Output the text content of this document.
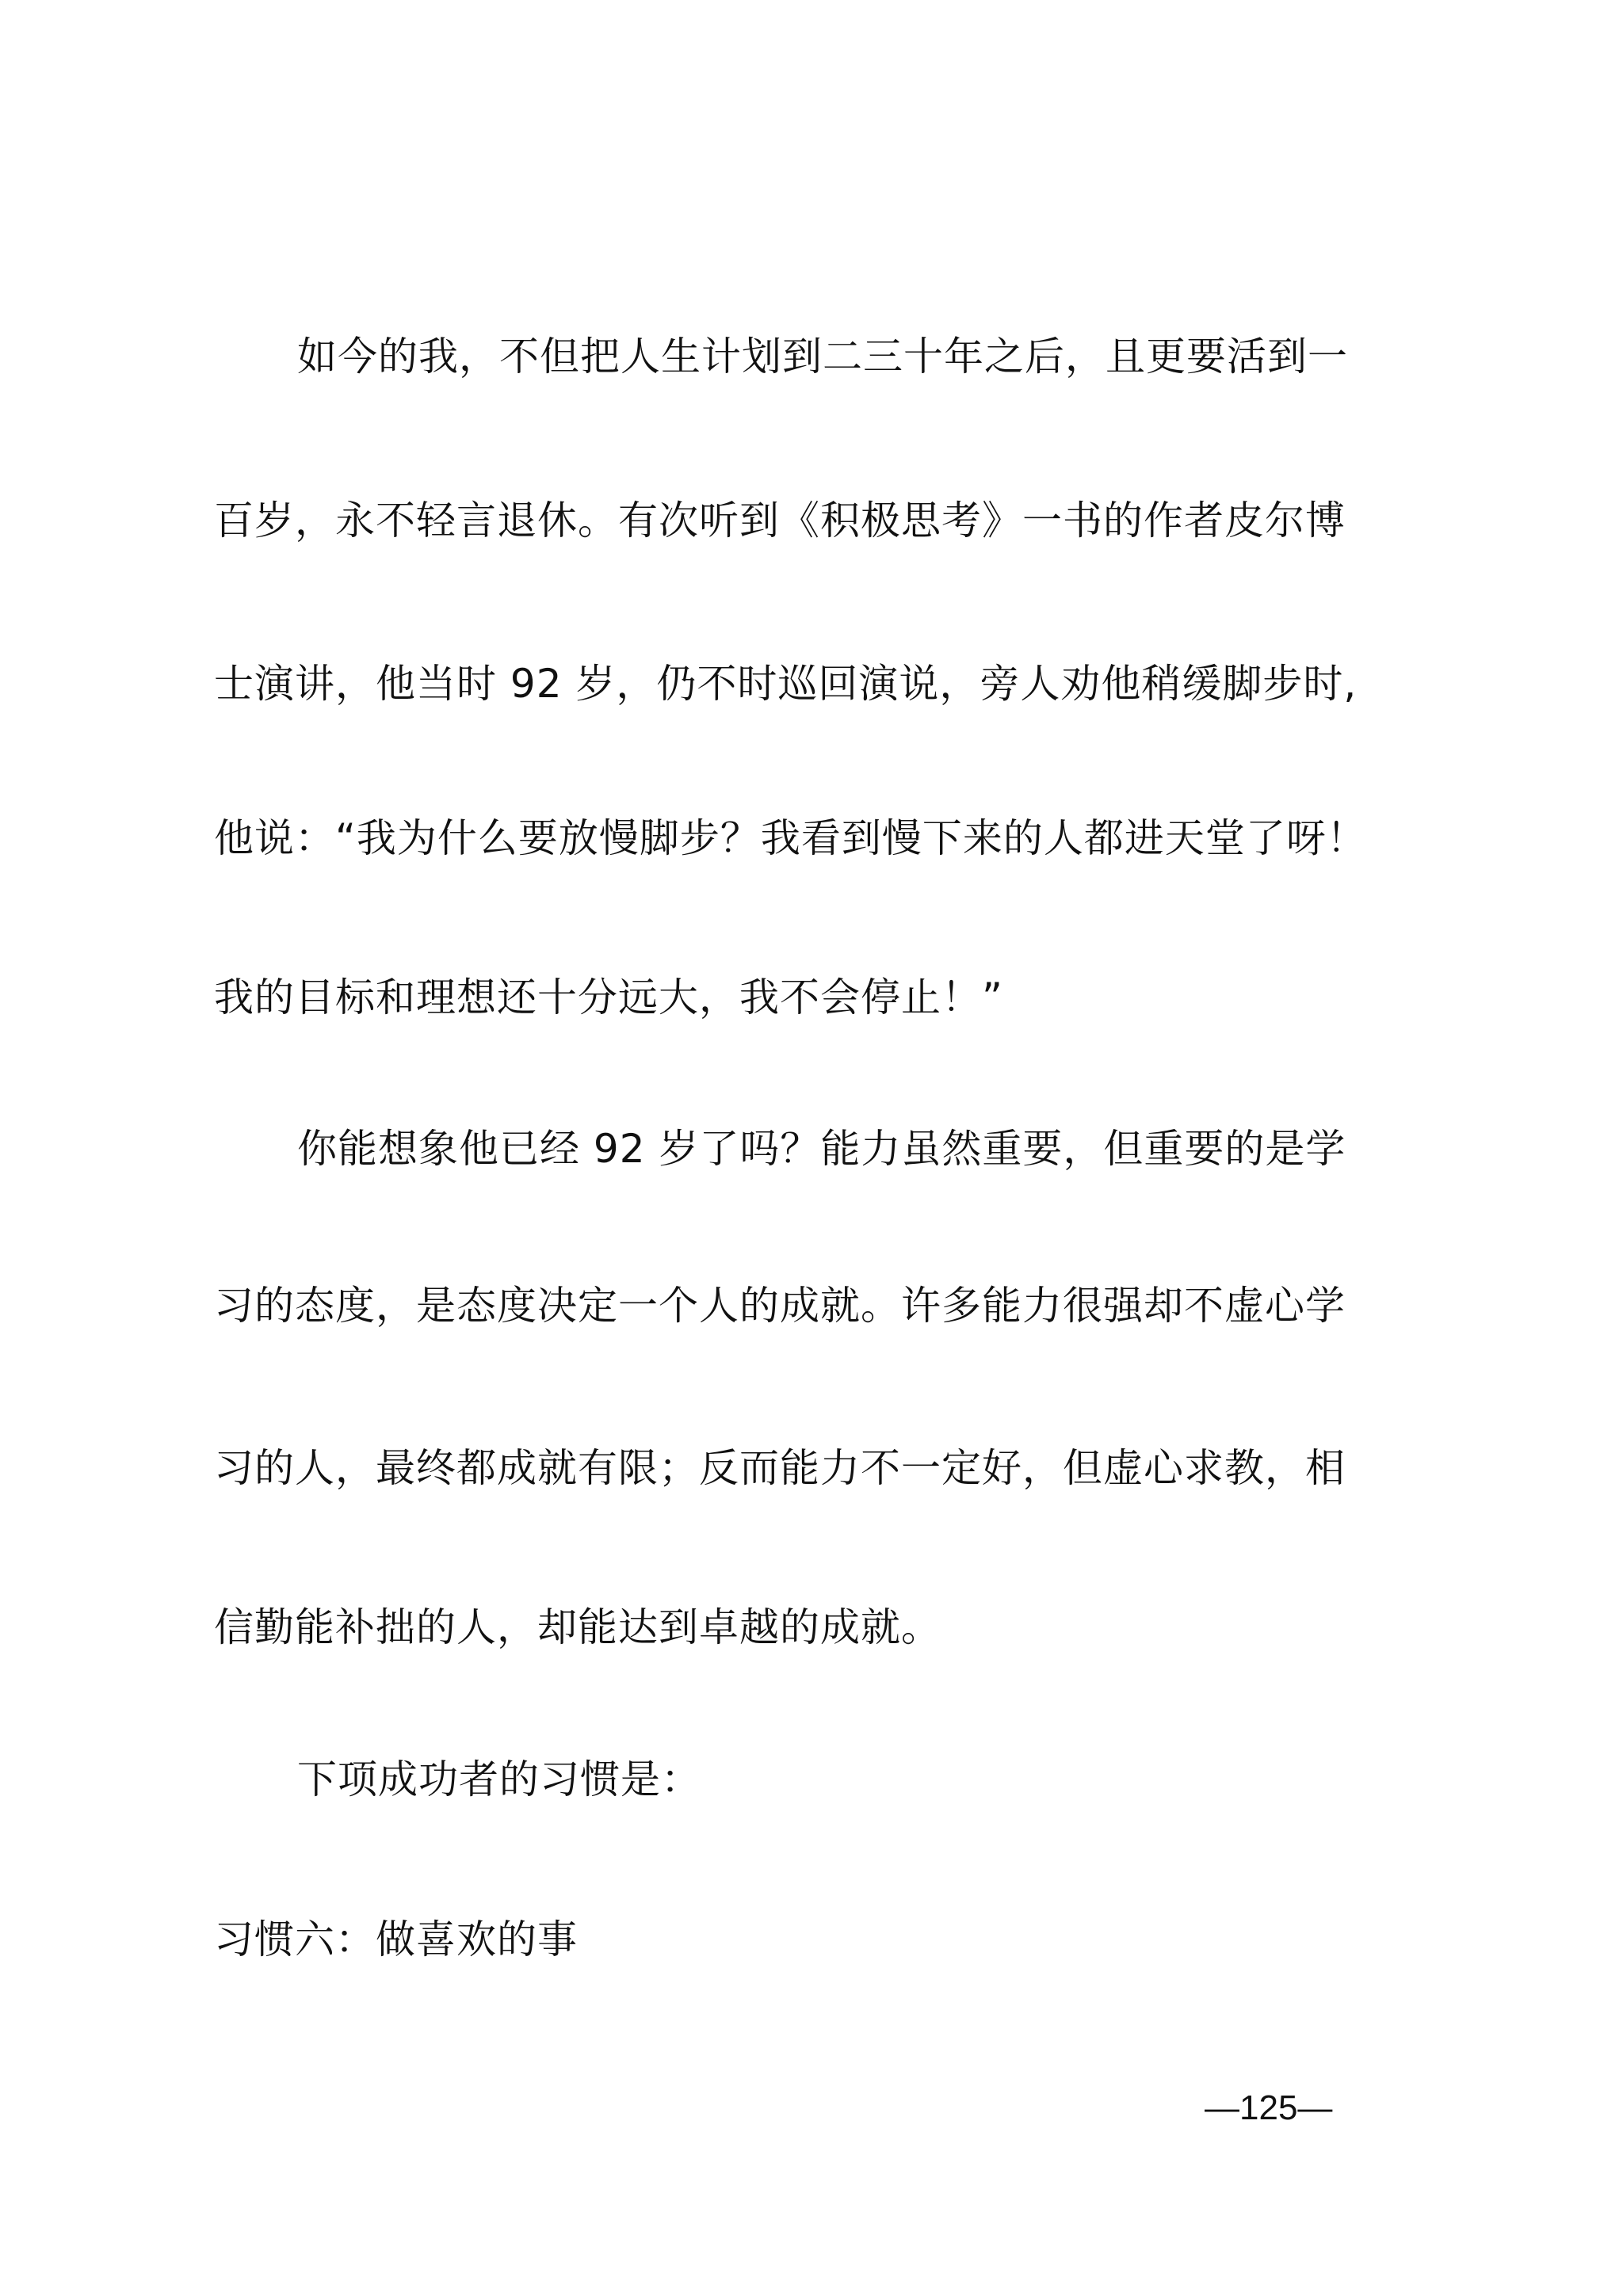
如今的我，不但把人生计划到二三十年之后，且更要活到一
百岁，永不轻言退休。有次听到《积极思考》一书的作者皮尔博
士演讲，他当时 92 岁，仍不时巡回演说，旁人劝他稍缓脚步时,
他说：“我为什么要放慢脚步？我看到慢下来的人都进天堂了呀！
我的目标和理想还十分远大，我不会停止！”
你能想象他已经 92 岁了吗？能力虽然重要，但重要的是学
习的态度，是态度决定一个人的成就。许多能力很强却不虚心学
习的人，最终都成就有限；反而能力不一定好，但虚心求教，相
信勤能补拙的人，却能达到卓越的成就。
下项成功者的习惯是：
习惯六：做喜欢的事
—125—
